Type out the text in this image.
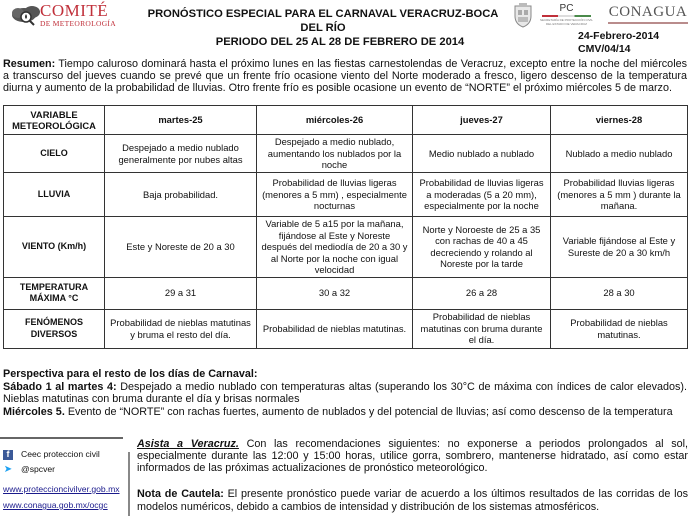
COMITÉ
DE METEOROLOGÍA
PRONÓSTICO ESPECIAL PARA EL CARNAVAL VERACRUZ-BOCA DEL RÍO
PERIODO DEL 25 AL 28 DE FEBRERO DE 2014
PC
SECRETARÍA DE PROTECCIÓN CIVIL DEL ESTADO DE VERACRUZ
CONAGUA
24-Febrero-2014
CMV/04/14

Resumen: Tiempo caluroso dominará hasta el próximo lunes en las fiestas carnestolendas de Veracruz, excepto entre la noche del miércoles a transcurso del jueves cuando se prevé que un frente frío ocasione viento del Norte moderado a fresco, ligero descenso de la temperatura diurna y aumento de la probabilidad de lluvias. Otro frente frío es posible ocasione un evento de “NORTE” el próximo miércoles 5 de marzo.

VARIABLE METEOROLÓGICA	martes-25	miércoles-26	jueves-27	viernes-28
CIELO	Despejado a medio nublado generalmente por nubes altas	Despejado a medio nublado, aumentando los nublados por la noche	Medio nublado a nublado	Nublado a medio nublado
LLUVIA	Baja probabilidad.	Probabilidad de lluvias ligeras (menores a 5 mm) , especialmente nocturnas	Probabilidad de lluvias ligeras a moderadas (5 a 20 mm), especialmente por la noche	Probabilidad lluvias ligeras (menores a 5 mm ) durante la mañana.
VIENTO (Km/h)	Este y Noreste de 20 a 30	Variable de 5 a15 por la mañana, fijándose al Este y Noreste después del mediodía de 20 a 30 y al Norte por la noche con igual velocidad	Norte y Noroeste de 25 a 35 con rachas de 40 a 45 decreciendo y rolando al Noreste por la tarde	Variable fijándose al Este y Sureste de 20 a 30 km/h
TEMPERATURA MÁXIMA °C	29 a 31	30 a 32	26 a 28	28 a 30
FENÓMENOS DIVERSOS	Probabilidad de nieblas matutinas y bruma el resto del día.	Probabilidad de nieblas matutinas.	Probabilidad de nieblas matutinas con bruma durante el día.	Probabilidad de nieblas matutinas.
Perspectiva para el resto de los días de Carnaval:
Sábado 1 al martes 4: Despejado a medio nublado con temperaturas altas (superando los 30°C de máxima con índices de calor elevados). Nieblas matutinas con bruma durante el día y brisas normales
Miércoles 5. Evento de “NORTE” con rachas fuertes, aumento de nublados y del potencial de lluvias; así como descenso de la temperatura
f	Ceec proteccion civil
➤ @spcver
www.proteccioncivilver.gob.mx
www.conagua.gob.mx/ocgc

Asista a Veracruz. Con las recomendaciones siguientes: no exponerse a periodos prolongados al sol, especialmente durante las 12:00 y 15:00 horas, utilice gorra, sombrero, mantenerse hidratado, así como estar informados de las próximas actualizaciones de pronóstico meteorológico.

Nota de Cautela: El presente pronóstico puede variar de acuerdo a los últimos resultados de las corridas de los modelos numéricos, debido a cambios de intensidad y distribución de los sistemas atmosféricos.
